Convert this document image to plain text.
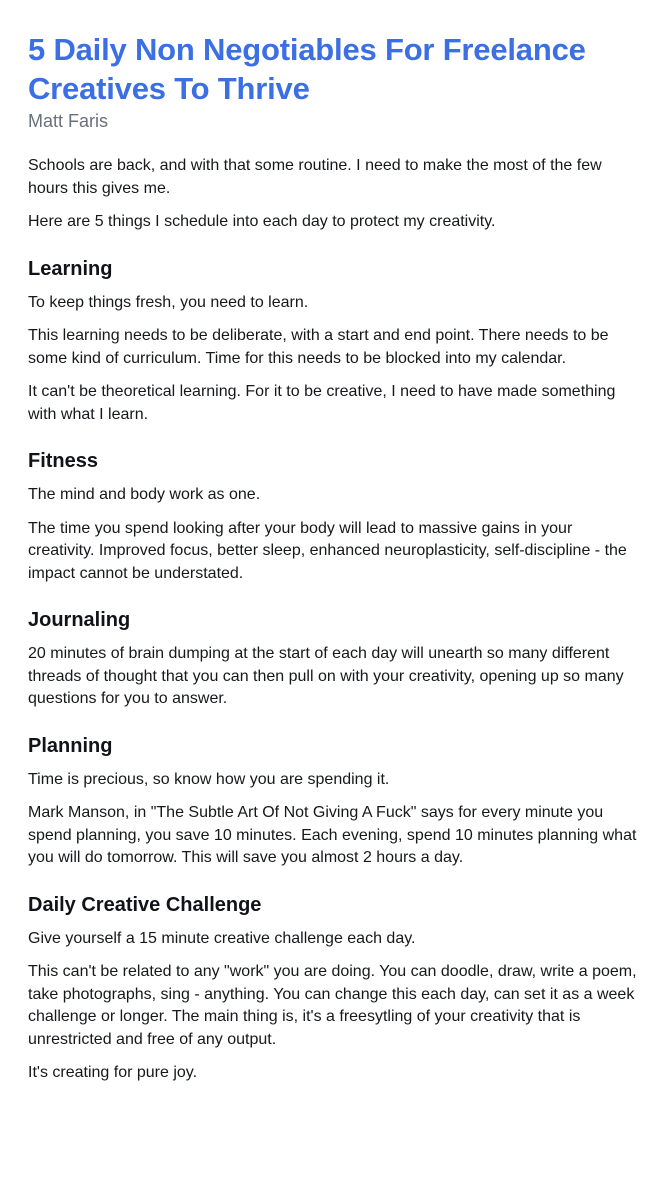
5 Daily Non Negotiables For Freelance Creatives To Thrive
Matt Faris

Schools are back, and with that some routine. I need to make the most of the few hours this gives me.

Here are 5 things I schedule into each day to protect my creativity.

Learning

To keep things fresh, you need to learn.

This learning needs to be deliberate, with a start and end point. There needs to be some kind of curriculum. Time for this needs to be blocked into my calendar.

It can't be theoretical learning. For it to be creative, I need to have made something with what I learn.

Fitness

The mind and body work as one.

The time you spend looking after your body will lead to massive gains in your creativity. Improved focus, better sleep, enhanced neuroplasticity, self-discipline - the impact cannot be understated.

Journaling

20 minutes of brain dumping at the start of each day will unearth so many different threads of thought that you can then pull on with your creativity, opening up so many questions for you to answer.

Planning

Time is precious, so know how you are spending it.

Mark Manson, in "The Subtle Art Of Not Giving A Fuck" says for every minute you spend planning, you save 10 minutes. Each evening, spend 10 minutes planning what you will do tomorrow. This will save you almost 2 hours a day.

Daily Creative Challenge

Give yourself a 15 minute creative challenge each day.

This can't be related to any "work" you are doing. You can doodle, draw, write a poem, take photographs, sing - anything. You can change this each day, can set it as a week challenge or longer. The main thing is, it's a freesytling of your creativity that is unrestricted and free of any output.

It's creating for pure joy.
